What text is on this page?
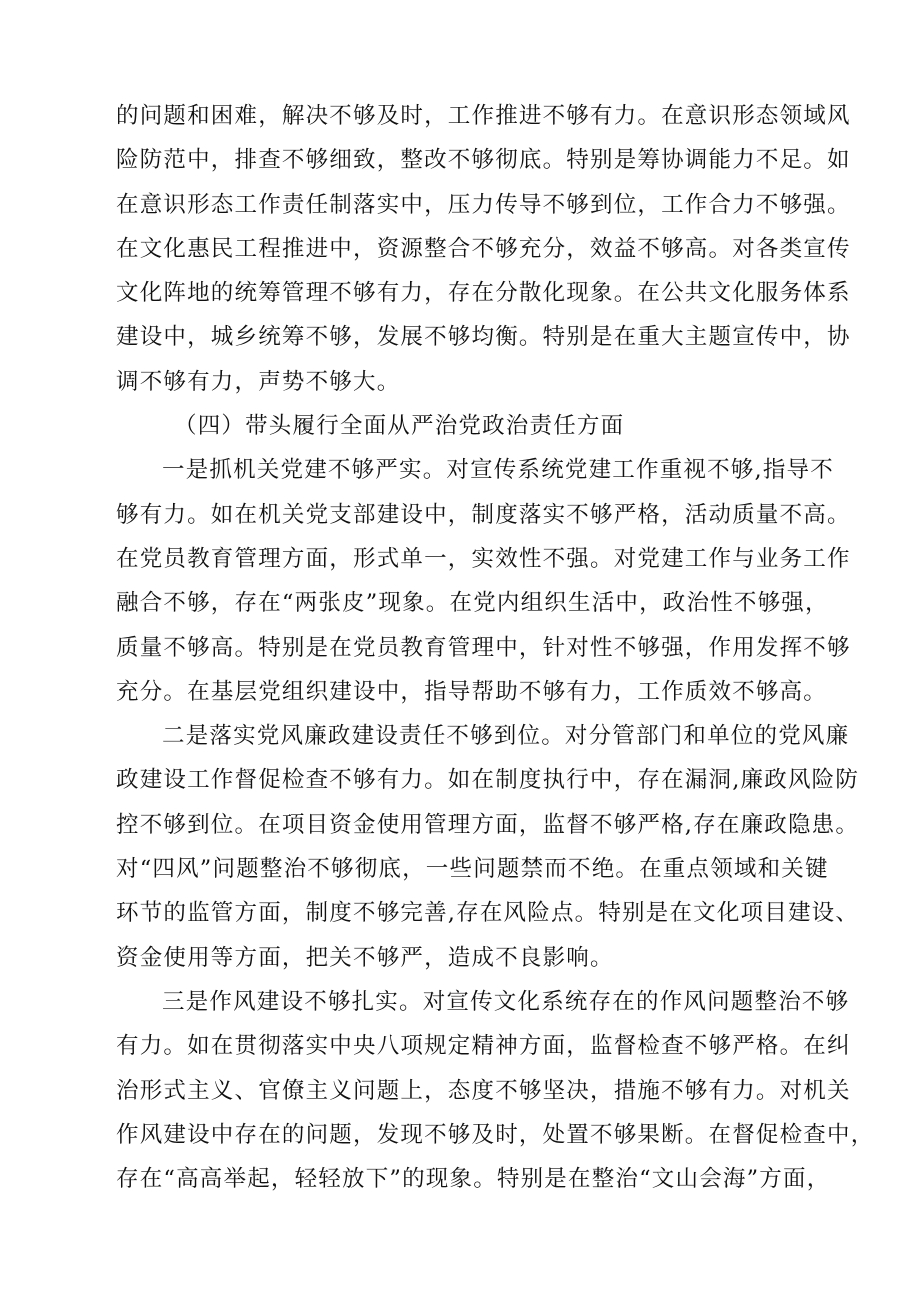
的问题和困难，解决不够及时，工作推进不够有力。在意识形态领域风
险防范中，排查不够细致，整改不够彻底。特别是筹协调能力不足。如
在意识形态工作责任制落实中，压力传导不够到位，工作合力不够强。
在文化惠民工程推进中，资源整合不够充分，效益不够高。对各类宣传
文化阵地的统筹管理不够有力，存在分散化现象。在公共文化服务体系
建设中，城乡统筹不够，发展不够均衡。特别是在重大主题宣传中，协
调不够有力，声势不够大。

（四）带头履行全面从严治党政治责任方面

一是抓机关党建不够严实。对宣传系统党建工作重视不够,指导不
够有力。如在机关党支部建设中，制度落实不够严格，活动质量不高。
在党员教育管理方面，形式单一，实效性不强。对党建工作与业务工作
融合不够，存在“两张皮”现象。在党内组织生活中，政治性不够强，
质量不够高。特别是在党员教育管理中，针对性不够强，作用发挥不够
充分。在基层党组织建设中，指导帮助不够有力，工作质效不够高。

二是落实党风廉政建设责任不够到位。对分管部门和单位的党风廉
政建设工作督促检查不够有力。如在制度执行中，存在漏洞,廉政风险防
控不够到位。在项目资金使用管理方面，监督不够严格,存在廉政隐患。
对“四风”问题整治不够彻底，一些问题禁而不绝。在重点领域和关键
环节的监管方面，制度不够完善,存在风险点。特别是在文化项目建设、
资金使用等方面，把关不够严，造成不良影响。

三是作风建设不够扎实。对宣传文化系统存在的作风问题整治不够
有力。如在贯彻落实中央八项规定精神方面，监督检查不够严格。在纠
治形式主义、官僚主义问题上，态度不够坚决，措施不够有力。对机关
作风建设中存在的问题，发现不够及时，处置不够果断。在督促检查中，
存在“高高举起，轻轻放下”的现象。特别是在整治“文山会海”方面，
